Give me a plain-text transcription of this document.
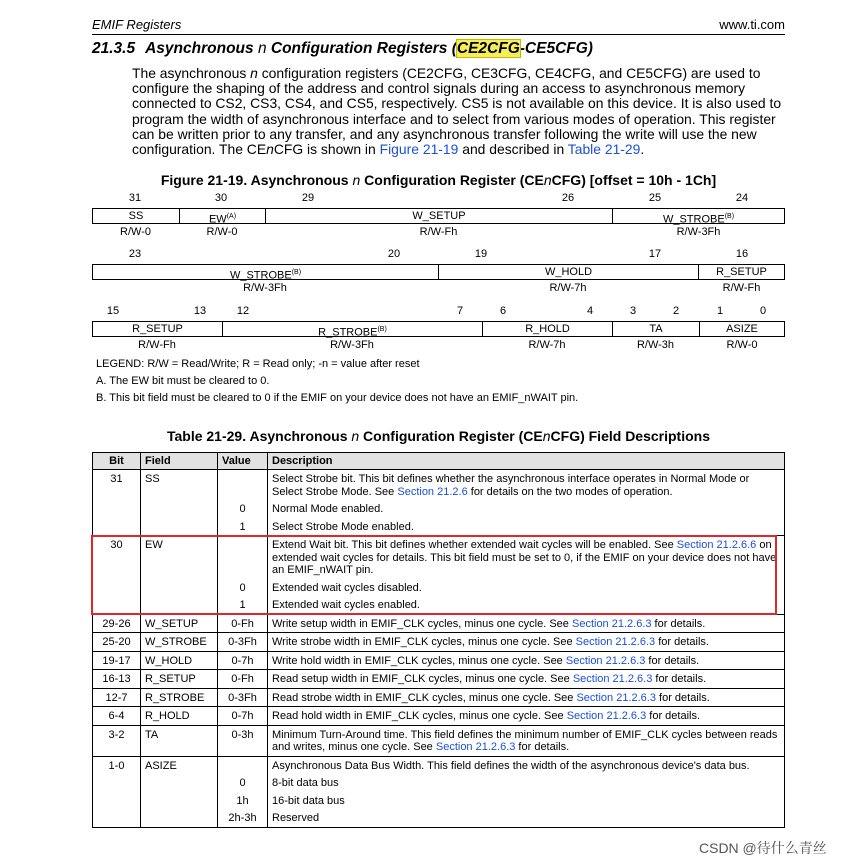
EMIF Registers	www.ti.com
21.3.5 Asynchronous n Configuration Registers (CE2CFG-CE5CFG)
The asynchronous n configuration registers (CE2CFG, CE3CFG, CE4CFG, and CE5CFG) are used to configure the shaping of the address and control signals during an access to asynchronous memory connected to CS2, CS3, CS4, and CS5, respectively. CS5 is not available on this device. It is also used to program the width of asynchronous interface and to select from various modes of operation. This register can be written prior to any transfer, and any asynchronous transfer following the write will use the new configuration. The CEnCFG is shown in Figure 21-19 and described in Table 21-29.
Figure 21-19. Asynchronous n Configuration Register (CEnCFG) [offset = 10h - 1Ch]
31	30	29	26	25	24
SS	$EW^{(A)}$	W_SETUP	$W\_STROBE^{(B)}$
R/W-0	R/W-0	R/W-Fh	R/W-3Fh
23	20	19	17	16
$W\_STROBE^{(B)}$	W_HOLD	R_SETUP
R/W-3Fh	R/W-7h	R/W-Fh
15	13	12	7	6	4	3	2	1	0
R_SETUP	$R\_STROBE^{(B)}$	R_HOLD	TA	ASIZE
R/W-Fh	R/W-3Fh	R/W-7h	R/W-3h	R/W-0
LEGEND: R/W = Read/Write; R = Read only; -n = value after reset
A. The EW bit must be cleared to 0.
B. This bit field must be cleared to 0 if the EMIF on your device does not have an EMIF_nWAIT pin.
Table 21-29. Asynchronous n Configuration Register (CEnCFG) Field Descriptions
Bit	Field	Value	Description
31	SS		Select Strobe bit. This bit defines whether the asynchronous interface operates in Normal Mode or Select Strobe Mode. See Section 21.2.6 for details on the two modes of operation.
		0	Normal Mode enabled.
		1	Select Strobe Mode enabled.
30	EW		Extend Wait bit. This bit defines whether extended wait cycles will be enabled. See Section 21.2.6.6 on extended wait cycles for details. This bit field must be set to 0, if the EMIF on your device does not have an EMIF_nWAIT pin.
		0	Extended wait cycles disabled.
		1	Extended wait cycles enabled.
29-26	W_SETUP	0-Fh	Write setup width in EMIF_CLK cycles, minus one cycle. See Section 21.2.6.3 for details.
25-20	W_STROBE	0-3Fh	Write strobe width in EMIF_CLK cycles, minus one cycle. See Section 21.2.6.3 for details.
19-17	W_HOLD	0-7h	Write hold width in EMIF_CLK cycles, minus one cycle. See Section 21.2.6.3 for details.
16-13	R_SETUP	0-Fh	Read setup width in EMIF_CLK cycles, minus one cycle. See Section 21.2.6.3 for details.
12-7	R_STROBE	0-3Fh	Read strobe width in EMIF_CLK cycles, minus one cycle. See Section 21.2.6.3 for details.
6-4	R_HOLD	0-7h	Read hold width in EMIF_CLK cycles, minus one cycle. See Section 21.2.6.3 for details.
3-2	TA	0-3h	Minimum Turn-Around time. This field defines the minimum number of EMIF_CLK cycles between reads and writes, minus one cycle. See Section 21.2.6.3 for details.
1-0	ASIZE		Asynchronous Data Bus Width. This field defines the width of the asynchronous device's data bus.
		0	8-bit data bus
		1h	16-bit data bus
		2h-3h	Reserved
CSDN @待什么青丝
